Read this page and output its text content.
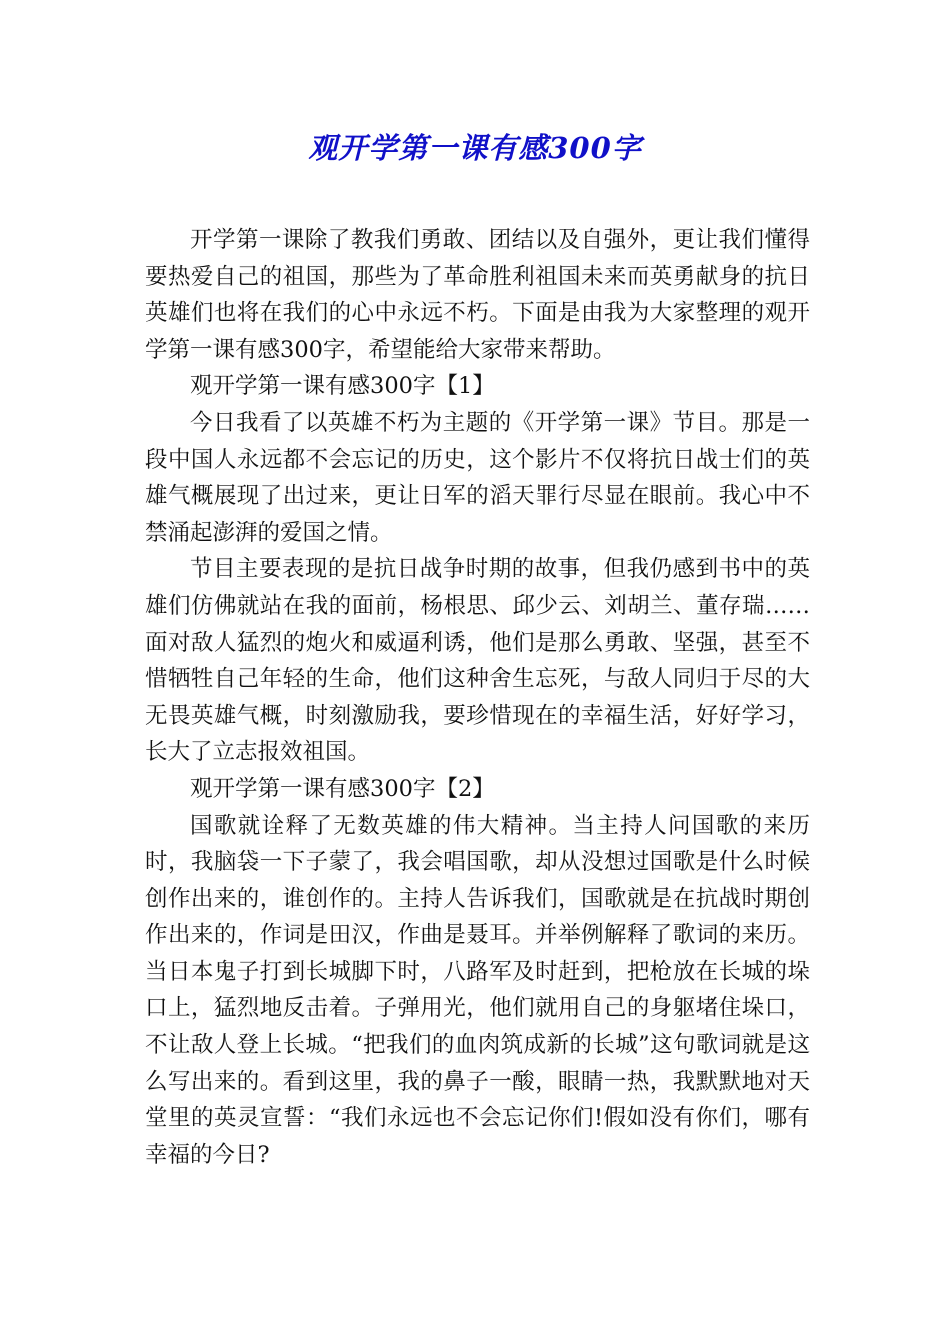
观开学第一课有感300字

开学第一课除了教我们勇敢、团结以及自强外，更让我们懂得要热爱自己的祖国，那些为了革命胜利祖国未来而英勇献身的抗日英雄们也将在我们的心中永远不朽。下面是由我为大家整理的观开学第一课有感300字，希望能给大家带来帮助。

观开学第一课有感300字【1】

今日我看了以英雄不朽为主题的《开学第一课》节目。那是一段中国人永远都不会忘记的历史，这个影片不仅将抗日战士们的英雄气概展现了出过来，更让日军的滔天罪行尽显在眼前。我心中不禁涌起澎湃的爱国之情。

节目主要表现的是抗日战争时期的故事，但我仍感到书中的英雄们仿佛就站在我的面前，杨根思、邱少云、刘胡兰、董存瑞……面对敌人猛烈的炮火和威逼利诱，他们是那么勇敢、坚强，甚至不惜牺牲自己年轻的生命，他们这种舍生忘死，与敌人同归于尽的大无畏英雄气概，时刻激励我，要珍惜现在的幸福生活，好好学习，长大了立志报效祖国。

观开学第一课有感300字【2】

国歌就诠释了无数英雄的伟大精神。当主持人问国歌的来历时，我脑袋一下子蒙了，我会唱国歌，却从没想过国歌是什么时候创作出来的，谁创作的。主持人告诉我们，国歌就是在抗战时期创作出来的，作词是田汉，作曲是聂耳。并举例解释了歌词的来历。当日本鬼子打到长城脚下时，八路军及时赶到，把枪放在长城的垛口上，猛烈地反击着。子弹用光，他们就用自己的身躯堵住垛口，不让敌人登上长城。“把我们的血肉筑成新的长城”这句歌词就是这么写出来的。看到这里，我的鼻子一酸，眼睛一热，我默默地对天堂里的英灵宣誓：“我们永远也不会忘记你们!假如没有你们，哪有幸福的今日?
